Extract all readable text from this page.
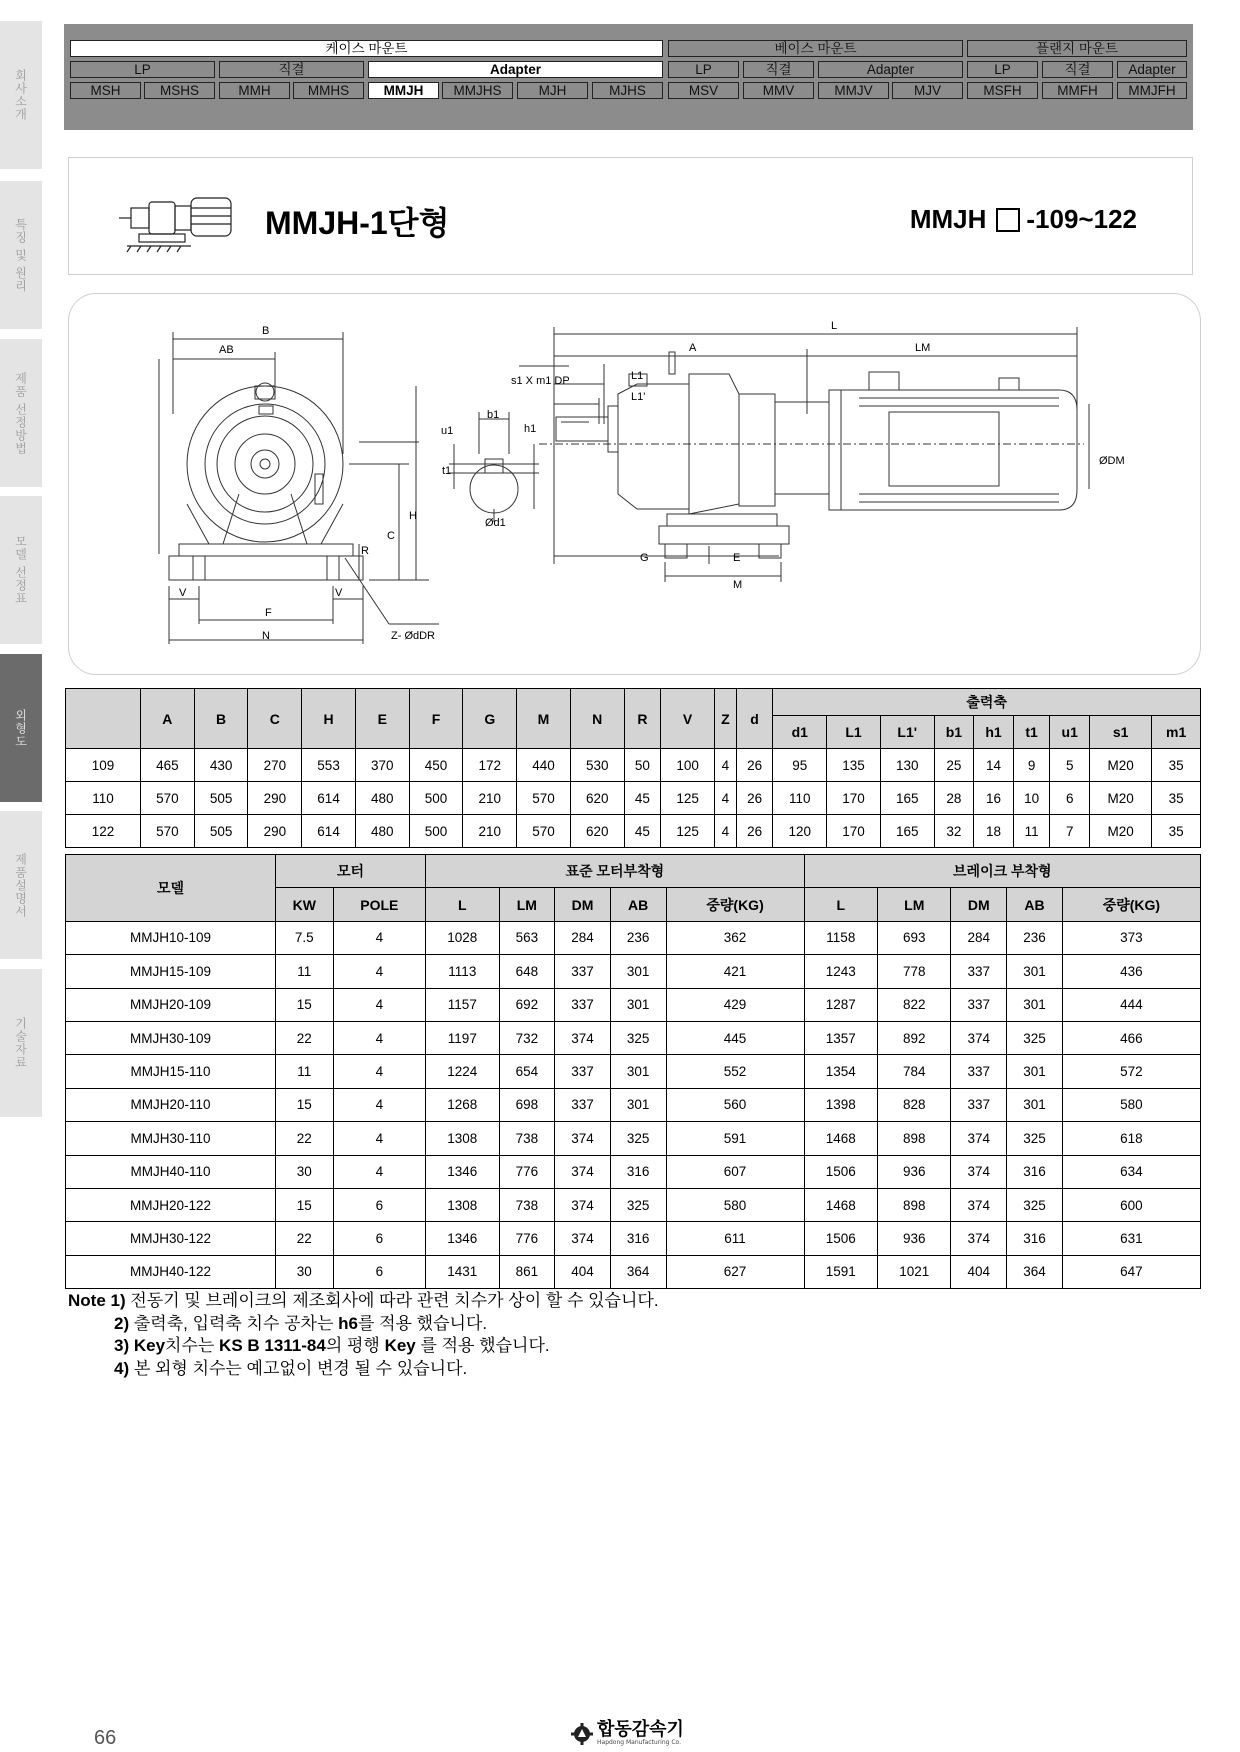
회사소개
특징 및 원리
제품 선정방법
모델 선정표
외형도
제품설명서
기술자료
케이스 마운트	베이스 마운트	플랜지 마운트
LP	직결	Adapter	LP	직결	Adapter	LP	직결	Adapter
MSH	MSHS	MMH	MMHS	MMJH	MMJHS	MJH	MJHS	MSV	MMV	MMJV	MJV	MSFH	MMFH	MMJFH
MMJH-1단형	MMJH -109~122
B
AB
H
C
R
V	V
F
N	Z- ØdDR
s1 X m1 DP
b1
u1
t1
h1
Ød1
L
A	LM
L1
L1'
G	E
M
ØDM
	A	B	C	H	E	F	G	M	N	R	V	Z	d	출력축								
														d1	L1	L1'	b1	h1	t1	u1	s1	m1
109	465	430	270	553	370	450	172	440	530	50	100	4	26	95	135	130	25	14	9	5	M20	35
110	570	505	290	614	480	500	210	570	620	45	125	4	26	110	170	165	28	16	10	6	M20	35
122	570	505	290	614	480	500	210	570	620	45	125	4	26	120	170	165	32	18	11	7	M20	35
모델	모터		표준 모터부착형					브레이크 부착형				
	KW	POLE	L	LM	DM	AB	중량(KG)	L	LM	DM	AB	중량(KG)
MMJH10-109	7.5	4	1028	563	284	236	362	1158	693	284	236	373
MMJH15-109	11	4	1113	648	337	301	421	1243	778	337	301	436
MMJH20-109	15	4	1157	692	337	301	429	1287	822	337	301	444
MMJH30-109	22	4	1197	732	374	325	445	1357	892	374	325	466
MMJH15-110	11	4	1224	654	337	301	552	1354	784	337	301	572
MMJH20-110	15	4	1268	698	337	301	560	1398	828	337	301	580
MMJH30-110	22	4	1308	738	374	325	591	1468	898	374	325	618
MMJH40-110	30	4	1346	776	374	316	607	1506	936	374	316	634
MMJH20-122	15	6	1308	738	374	325	580	1468	898	374	325	600
MMJH30-122	22	6	1346	776	374	316	611	1506	936	374	316	631
MMJH40-122	30	6	1431	861	404	364	627	1591	1021	404	364	647
Note 1) 전동기 및 브레이크의 제조회사에 따라 관련 치수가 상이 할 수 있습니다.
2) 출력축, 입력축 치수 공차는 h6를 적용 했습니다.
3) Key치수는 KS B 1311-84의 평행 Key 를 적용 했습니다.
4) 본 외형 치수는 예고없이 변경 될 수 있습니다.
66	합동감속기
Hapdong Manufacturing Co.
